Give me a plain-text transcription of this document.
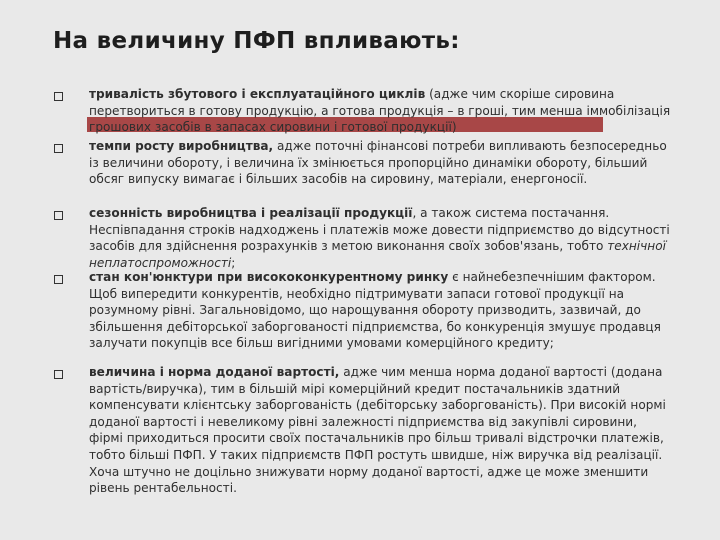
На величину ПФП впливають:
тривалість збутового і експлуатаційного циклів (адже чим скоріше сировина перетвориться в готову продукцію, а готова продукція – в гроші, тим менша іммобілізація грошових засобів в запасах сировини і готової продукції)
темпи росту виробництва, адже поточні фінансові потреби випливають безпосередньо із величини обороту, і величина їх змінюється пропорційно динаміки обороту, більший обсяг випуску вимагає і більших засобів на сировину, матеріали, енергоносії.
сезонність виробництва і реалізації продукції, а також система постачання. Неспівпадання строків надходжень і платежів може довести підприємство до відсутності засобів для здійснення розрахунків з метою виконання своїх зобов'язань, тобто технічної неплатоспроможності;
стан кон'юнктури при висококонкурентному ринку є найнебезпечнішим фактором. Щоб випередити конкурентів, необхідно підтримувати запаси готової продукції на розумному рівні. Загальновідомо, що нарощування обороту призводить, зазвичай, до збільшення дебіторської заборгованості підприємства, бо конкуренція змушує продавця залучати покупців все більш вигідними умовами комерційного кредиту;
величина і норма доданої вартості, адже чим менша норма доданої вартості (додана вартість/виручка), тим в більшій мірі комерційний кредит постачальників здатний компенсувати клієнтську заборгованість (дебіторську заборгованість). При високій нормі доданої вартості і невеликому рівні залежності підприємства від закупівлі сировини, фірмі приходиться просити своїх постачальників про більш тривалі відстрочки платежів, тобто більші ПФП. У таких підприємств ПФП ростуть швидше, ніж виручка від реалізації. Хоча штучно не доцільно знижувати норму доданої вартості, адже це може зменшити рівень рентабельності.
